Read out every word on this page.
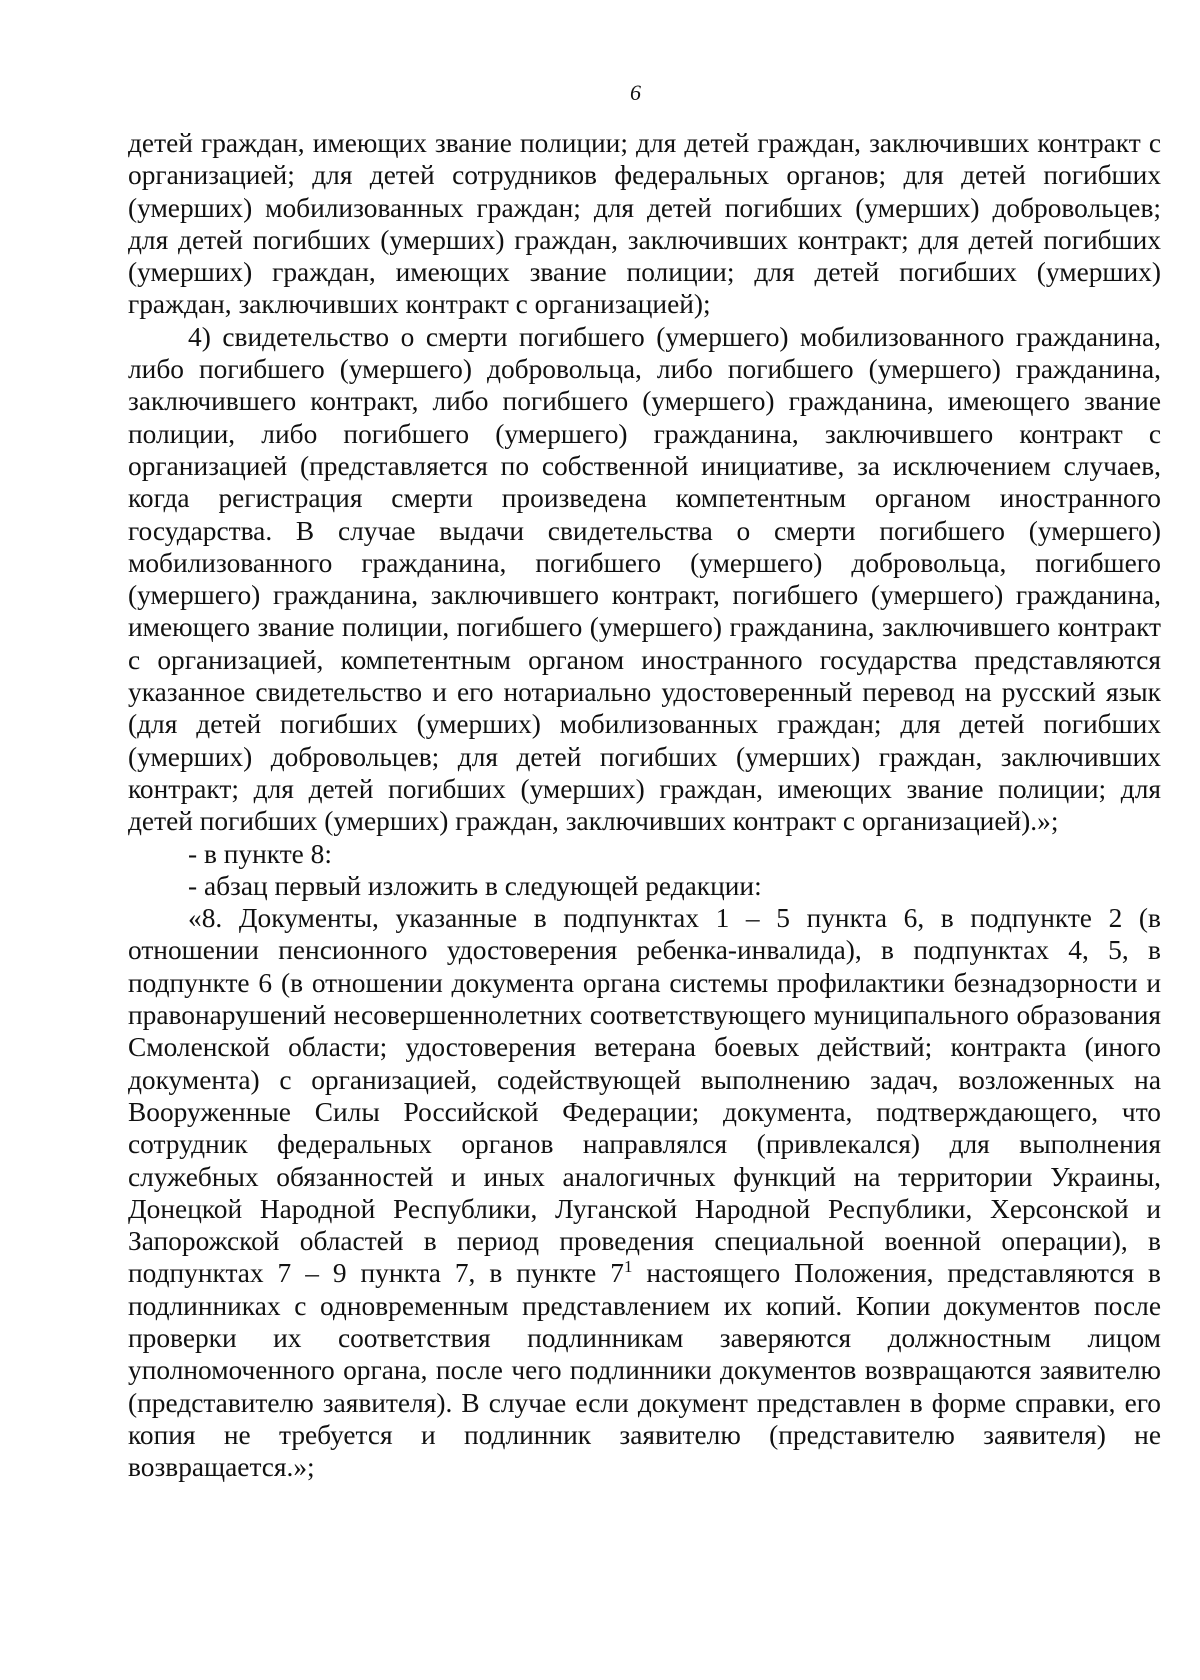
6

детей граждан, имеющих звание полиции; для детей граждан, заключивших контракт с организацией; для детей сотрудников федеральных органов; для детей погибших (умерших) мобилизованных граждан; для детей погибших (умерших) добровольцев; для детей погибших (умерших) граждан, заключивших контракт; для детей погибших (умерших) граждан, имеющих звание полиции; для детей погибших (умерших) граждан, заключивших контракт с организацией);

4) свидетельство о смерти погибшего (умершего) мобилизованного гражданина, либо погибшего (умершего) добровольца, либо погибшего (умершего) гражданина, заключившего контракт, либо погибшего (умершего) гражданина, имеющего звание полиции, либо погибшего (умершего) гражданина, заключившего контракт с организацией (представляется по собственной инициативе, за исключением случаев, когда регистрация смерти произведена компетентным органом иностранного государства. В случае выдачи свидетельства о смерти погибшего (умершего) мобилизованного гражданина, погибшего (умершего) добровольца, погибшего (умершего) гражданина, заключившего контракт, погибшего (умершего) гражданина, имеющего звание полиции, погибшего (умершего) гражданина, заключившего контракт с организацией, компетентным органом иностранного государства представляются указанное свидетельство и его нотариально удостоверенный перевод на русский язык (для детей погибших (умерших) мобилизованных граждан; для детей погибших (умерших) добровольцев; для детей погибших (умерших) граждан, заключивших контракт; для детей погибших (умерших) граждан, имеющих звание полиции; для детей погибших (умерших) граждан, заключивших контракт с организацией).»;

- в пункте 8:

- абзац первый изложить в следующей редакции:

«8. Документы, указанные в подпунктах 1 – 5 пункта 6, в подпункте 2 (в отношении пенсионного удостоверения ребенка-инвалида), в подпунктах 4, 5, в подпункте 6 (в отношении документа органа системы профилактики безнадзорности и правонарушений несовершеннолетних соответствующего муниципального образования Смоленской области; удостоверения ветерана боевых действий; контракта (иного документа) с организацией, содействующей выполнению задач, возложенных на Вооруженные Силы Российской Федерации; документа, подтверждающего, что сотрудник федеральных органов направлялся (привлекался) для выполнения служебных обязанностей и иных аналогичных функций на территории Украины, Донецкой Народной Республики, Луганской Народной Республики, Херсонской и Запорожской областей в период проведения специальной военной операции), в подпунктах 7 – 9 пункта 7, в пункте $7^1$ настоящего Положения, представляются в подлинниках с одновременным представлением их копий. Копии документов после проверки их соответствия подлинникам заверяются должностным лицом уполномоченного органа, после чего подлинники документов возвращаются заявителю (представителю заявителя). В случае если документ представлен в форме справки, его копия не требуется и подлинник заявителю (представителю заявителя) не возвращается.»;
